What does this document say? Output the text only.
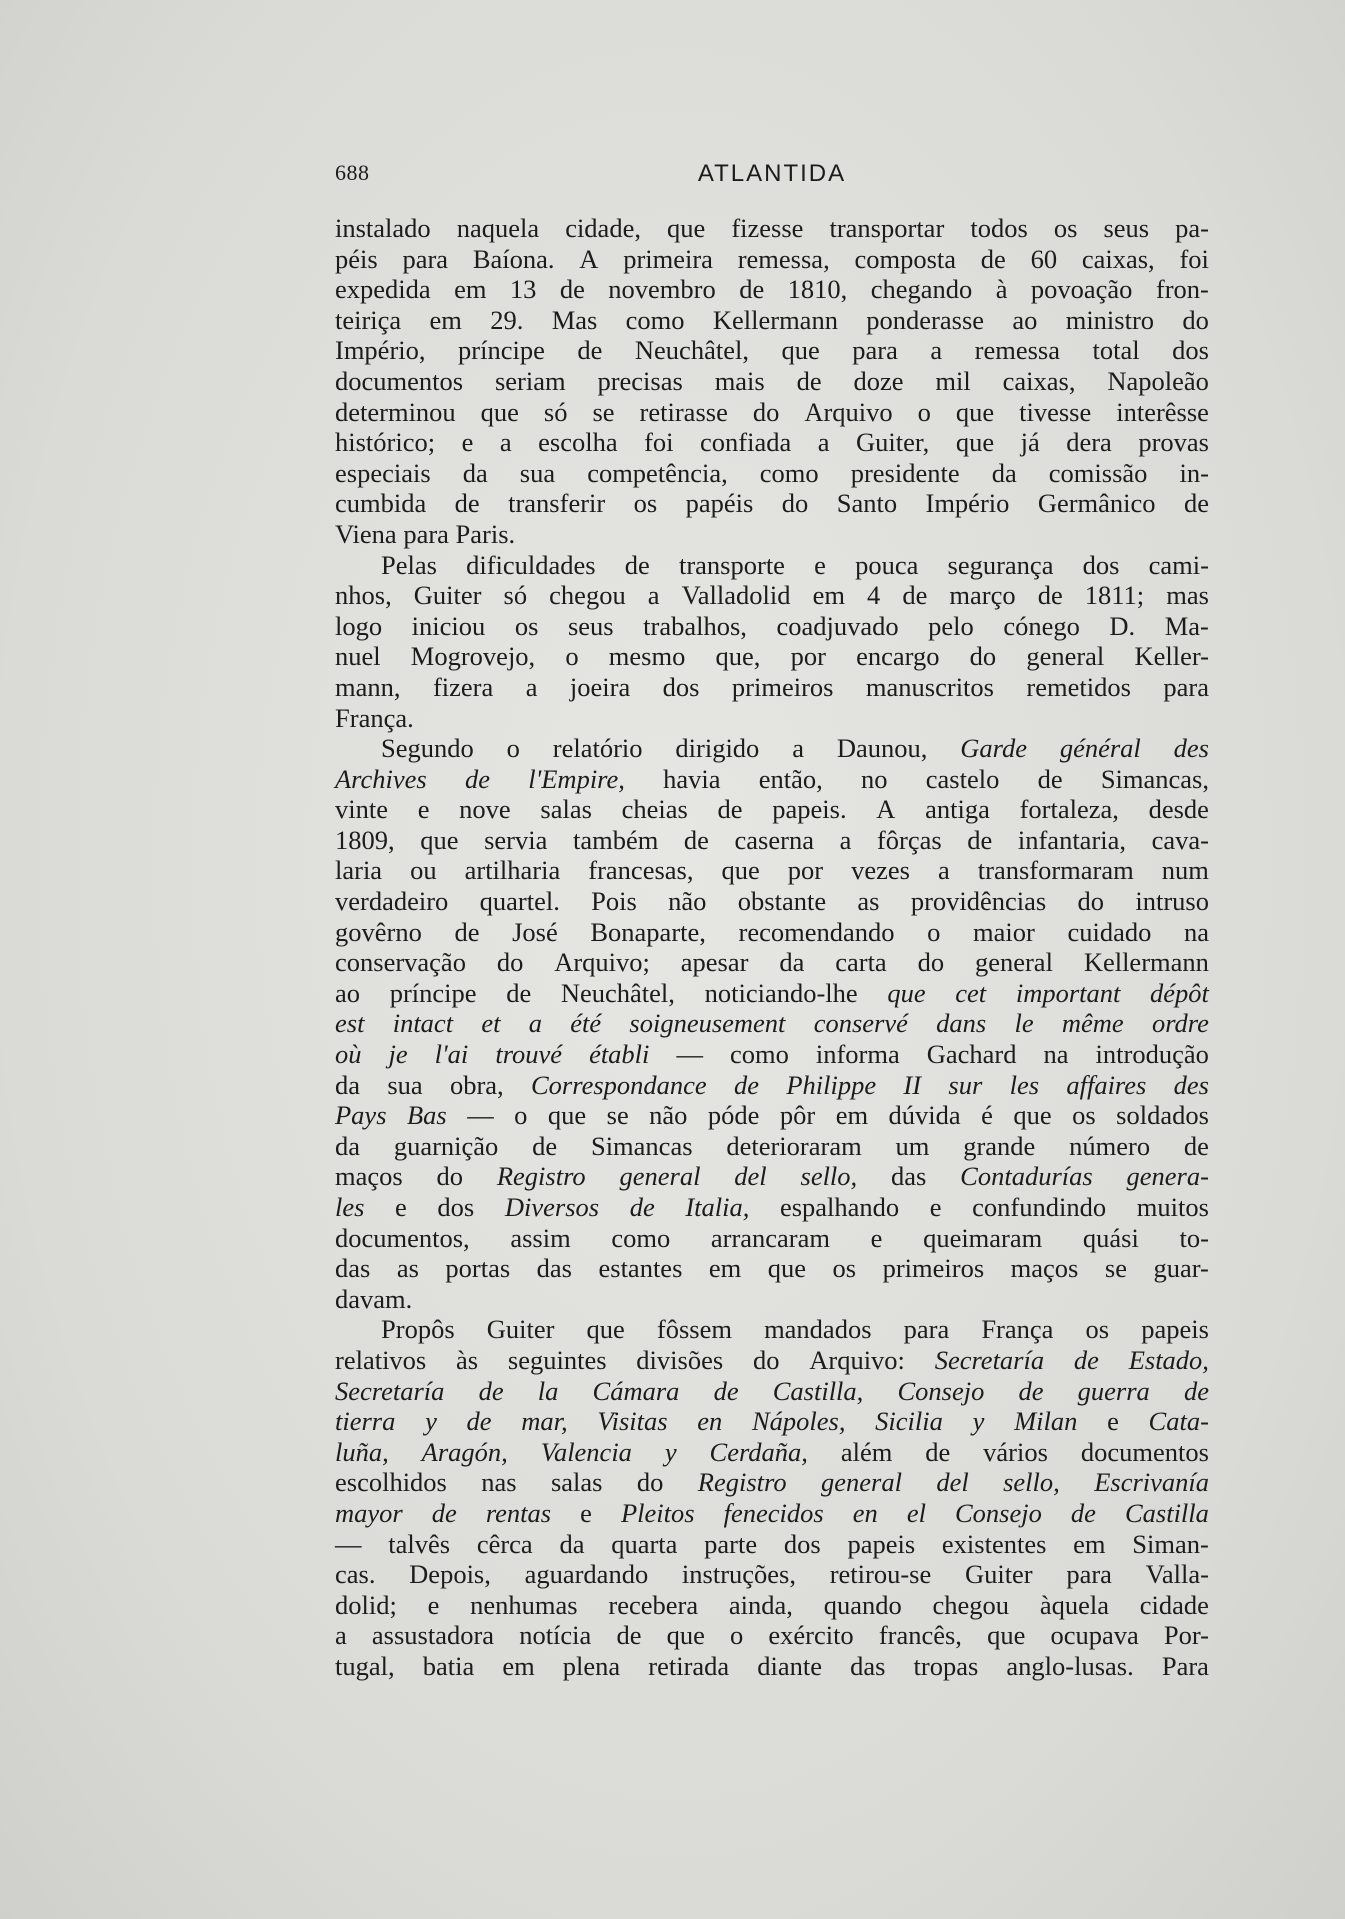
688	ATLANTIDA
instalado naquela cidade, que fizesse transportar todos os seus pa-
péis para Baíona. A primeira remessa, composta de 60 caixas, foi
expedida em 13 de novembro de 1810, chegando à povoação fron-
teiriça em 29. Mas como Kellermann ponderasse ao ministro do
Império, príncipe de Neuchâtel, que para a remessa total dos
documentos seriam precisas mais de doze mil caixas, Napoleão
determinou que só se retirasse do Arquivo o que tivesse interêsse
histórico; e a escolha foi confiada a Guiter, que já dera provas
especiais da sua competência, como presidente da comissão in-
cumbida de transferir os papéis do Santo Império Germânico de
Viena para Paris.
Pelas dificuldades de transporte e pouca segurança dos cami-
nhos, Guiter só chegou a Valladolid em 4 de março de 1811; mas
logo iniciou os seus trabalhos, coadjuvado pelo cónego D. Ma-
nuel Mogrovejo, o mesmo que, por encargo do general Keller-
mann, fizera a joeira dos primeiros manuscritos remetidos para
França.
Segundo o relatório dirigido a Daunou, Garde général des
Archives de l'Empire, havia então, no castelo de Simancas,
vinte e nove salas cheias de papeis. A antiga fortaleza, desde
1809, que servia também de caserna a fôrças de infantaria, cava-
laria ou artilharia francesas, que por vezes a transformaram num
verdadeiro quartel. Pois não obstante as providências do intruso
govêrno de José Bonaparte, recomendando o maior cuidado na
conservação do Arquivo; apesar da carta do general Kellermann
ao príncipe de Neuchâtel, noticiando-lhe que cet important dépôt
est intact et a été soigneusement conservé dans le même ordre
où je l'ai trouvé établi — como informa Gachard na introdução
da sua obra, Correspondance de Philippe II sur les affaires des
Pays Bas — o que se não póde pôr em dúvida é que os soldados
da guarnição de Simancas deterioraram um grande número de
maços do Registro general del sello, das Contadurías genera-
les e dos Diversos de Italia, espalhando e confundindo muitos
documentos, assim como arrancaram e queimaram quási to-
das as portas das estantes em que os primeiros maços se guar-
davam.
Propôs Guiter que fôssem mandados para França os papeis
relativos às seguintes divisões do Arquivo: Secretaría de Estado,
Secretaría de la Cámara de Castilla, Consejo de guerra de
tierra y de mar, Visitas en Nápoles, Sicilia y Milan e Cata-
luña, Aragón, Valencia y Cerdaña, além de vários documentos
escolhidos nas salas do Registro general del sello, Escrivanía
mayor de rentas e Pleitos fenecidos en el Consejo de Castilla
— talvês cêrca da quarta parte dos papeis existentes em Siman-
cas. Depois, aguardando instruções, retirou-se Guiter para Valla-
dolid; e nenhumas recebera ainda, quando chegou àquela cidade
a assustadora notícia de que o exército francês, que ocupava Por-
tugal, batia em plena retirada diante das tropas anglo-lusas. Para
